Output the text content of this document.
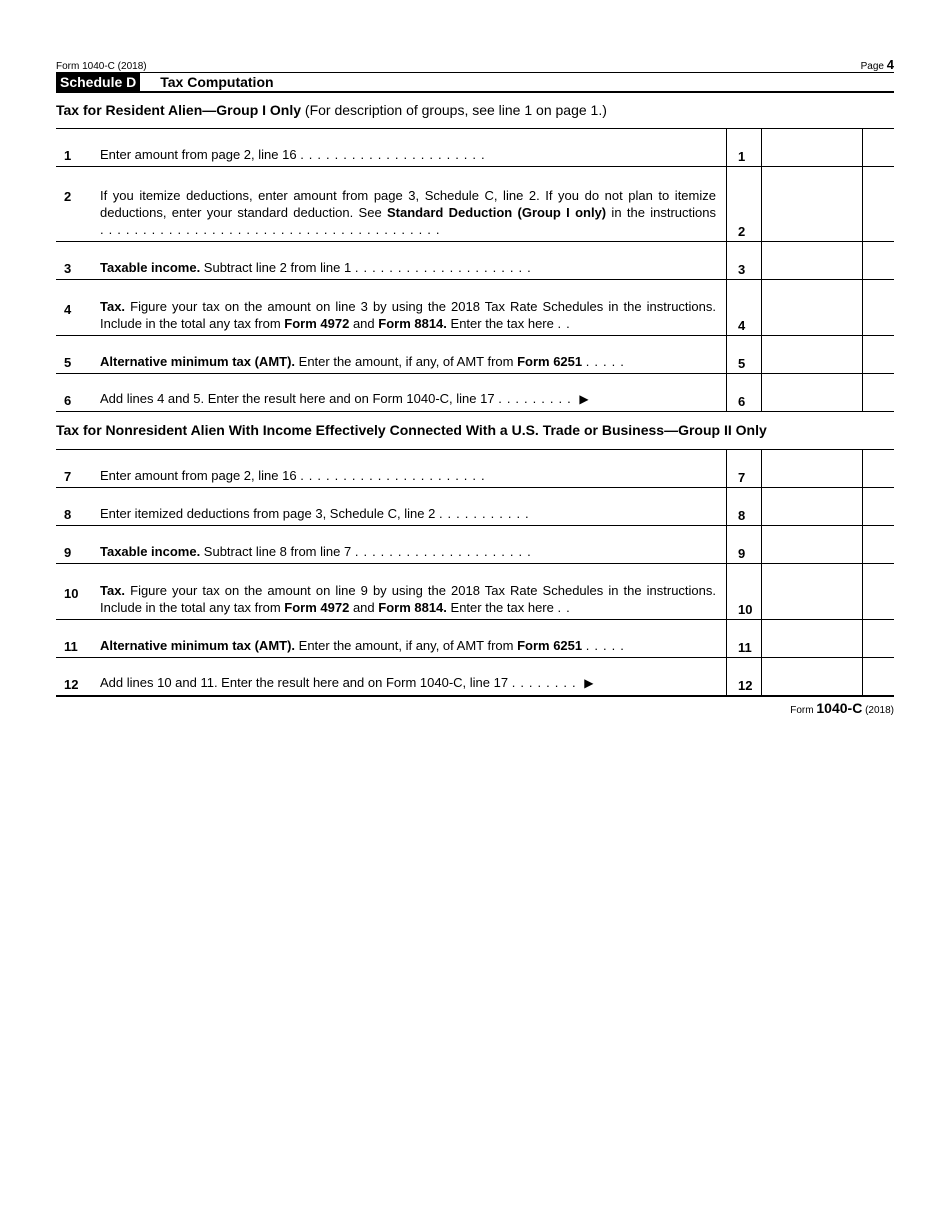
Form 1040-C (2018)	Page 4
Schedule D Tax Computation
Tax for Resident Alien—Group I Only (For description of groups, see line 1 on page 1.)
1	Enter amount from page 2, line 16 ......................	1
2	If you itemize deductions, enter amount from page 3, Schedule C, line 2. If you do not plan to itemize deductions, enter your standard deduction. See Standard Deduction (Group I only) in the instructions ........................................	2
3	Taxable income. Subtract line 2 from line 1 .....................	3
4	Tax. Figure your tax on the amount on line 3 by using the 2018 Tax Rate Schedules in the instructions. Include in the total any tax from Form 4972 and Form 8814. Enter the tax here ..	4
5	Alternative minimum tax (AMT). Enter the amount, if any, of AMT from Form 6251 .....	5
6	Add lines 4 and 5. Enter the result here and on Form 1040-C, line 17 ......... ▶	6
Tax for Nonresident Alien With Income Effectively Connected With a U.S. Trade or Business—Group II Only
7	Enter amount from page 2, line 16 ......................	7
8	Enter itemized deductions from page 3, Schedule C, line 2 ...........	8
9	Taxable income. Subtract line 8 from line 7 .....................	9
10	Tax. Figure your tax on the amount on line 9 by using the 2018 Tax Rate Schedules in the instructions. Include in the total any tax from Form 4972 and Form 8814. Enter the tax here ..	10
11	Alternative minimum tax (AMT). Enter the amount, if any, of AMT from Form 6251 .....	11
12	Add lines 10 and 11. Enter the result here and on Form 1040-C, line 17 ........ ▶	12
Form 1040-C (2018)
